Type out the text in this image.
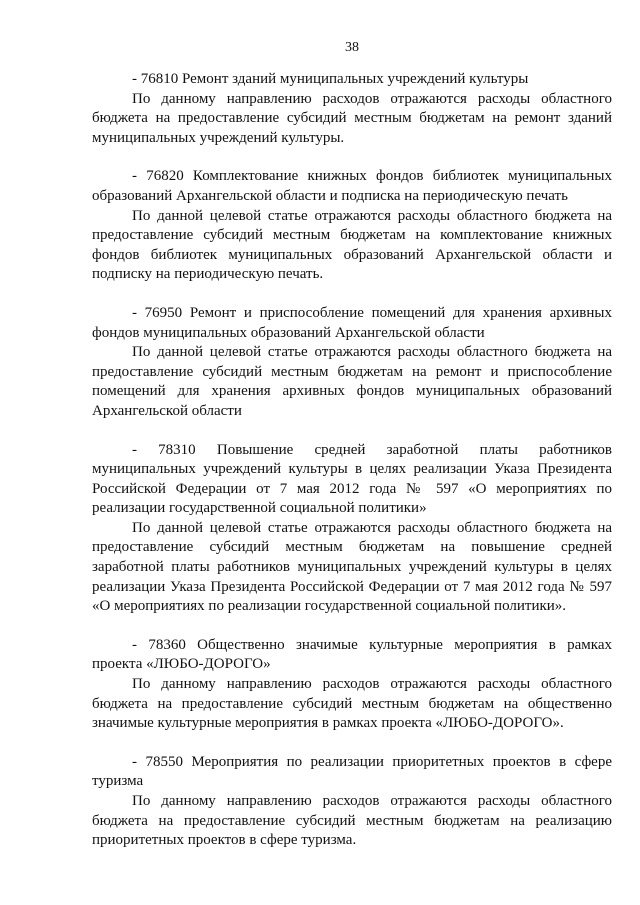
38

- 76810 Ремонт зданий муниципальных учреждений культуры

По данному направлению расходов отражаются расходы областного бюджета на предоставление субсидий местным бюджетам на ремонт зданий муниципальных учреждений культуры.

- 76820 Комплектование книжных фондов библиотек муниципальных образований Архангельской области и подписка на периодическую печать

По данной целевой статье отражаются расходы областного бюджета на предоставление субсидий местным бюджетам на комплектование книжных фондов библиотек муниципальных образований Архангельской области и подписку на периодическую печать.

- 76950 Ремонт и приспособление помещений для хранения архивных фондов муниципальных образований Архангельской области

По данной целевой статье отражаются расходы областного бюджета на предоставление субсидий местным бюджетам на ремонт и приспособление помещений для хранения архивных фондов муниципальных образований Архангельской области

- 78310 Повышение средней заработной платы работников муниципальных учреждений культуры в целях реализации Указа Президента Российской Федерации от 7 мая 2012 года № 597 «О мероприятиях по реализации государственной социальной политики»

По данной целевой статье отражаются расходы областного бюджета на предоставление субсидий местным бюджетам на повышение средней заработной платы работников муниципальных учреждений культуры в целях реализации Указа Президента Российской Федерации от 7 мая 2012 года № 597 «О мероприятиях по реализации государственной социальной политики».

- 78360 Общественно значимые культурные мероприятия в рамках проекта «ЛЮБО-ДОРОГО»

По данному направлению расходов отражаются расходы областного бюджета на предоставление субсидий местным бюджетам на общественно значимые культурные мероприятия в рамках проекта «ЛЮБО-ДОРОГО».

- 78550 Мероприятия по реализации приоритетных проектов в сфере туризма

По данному направлению расходов отражаются расходы областного бюджета на предоставление субсидий местным бюджетам на реализацию приоритетных проектов в сфере туризма.
